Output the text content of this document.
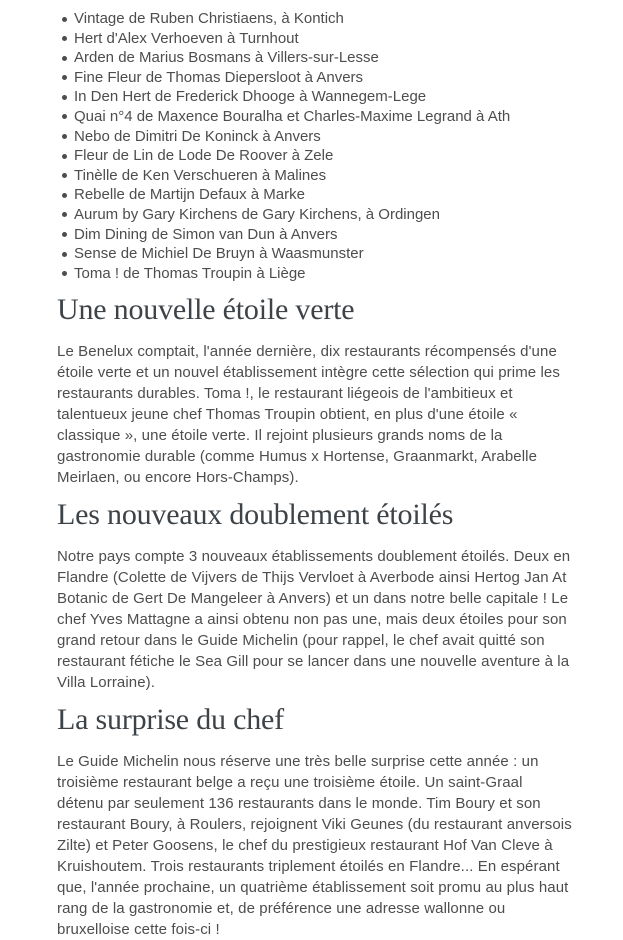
Vintage de Ruben Christiaens, à Kontich
Hert d'Alex Verhoeven à Turnhout
Arden de Marius Bosmans à Villers-sur-Lesse
Fine Fleur de Thomas Diepersloot à Anvers
In Den Hert de Frederick Dhooge à Wannegem-Lege
Quai n°4 de Maxence Bouralha et Charles-Maxime Legrand à Ath
Nebo de Dimitri De Koninck à Anvers
Fleur de Lin de Lode De Roover à Zele
Tinèlle de Ken Verschueren à Malines
Rebelle de Martijn Defaux à Marke
Aurum by Gary Kirchens de Gary Kirchens, à Ordingen
Dim Dining de Simon van Dun à Anvers
Sense de Michiel De Bruyn à Waasmunster
Toma ! de Thomas Troupin à Liège
Une nouvelle étoile verte

Le Benelux comptait, l'année dernière, dix restaurants récompensés d'une étoile verte et un nouvel établissement intègre cette sélection qui prime les restaurants durables. Toma !, le restaurant liégeois de l'ambitieux et talentueux jeune chef Thomas Troupin obtient, en plus d'une étoile « classique », une étoile verte. Il rejoint plusieurs grands noms de la gastronomie durable (comme Humus x Hortense, Graanmarkt, Arabelle Meirlaen, ou encore Hors-Champs).

Les nouveaux doublement étoilés

Notre pays compte 3 nouveaux établissements doublement étoilés. Deux en Flandre (Colette de Vijvers de Thijs Vervloet à Averbode ainsi Hertog Jan At Botanic de Gert De Mangeleer à Anvers) et un dans notre belle capitale ! Le chef Yves Mattagne a ainsi obtenu non pas une, mais deux étoiles pour son grand retour dans le Guide Michelin (pour rappel, le chef avait quitté son restaurant fétiche le Sea Gill pour se lancer dans une nouvelle aventure à la Villa Lorraine).

La surprise du chef

Le Guide Michelin nous réserve une très belle surprise cette année : un troisième restaurant belge a reçu une troisième étoile. Un saint-Graal détenu par seulement 136 restaurants dans le monde. Tim Boury et son restaurant Boury, à Roulers, rejoignent Viki Geunes (du restaurant anversois Zilte) et Peter Goosens, le chef du prestigieux restaurant Hof Van Cleve à Kruishoutem. Trois restaurants triplement étoilés en Flandre... En espérant que, l'année prochaine, un quatrième établissement soit promu au plus haut rang de la gastronomie et, de préférence une adresse wallonne ou bruxelloise cette fois-ci !
